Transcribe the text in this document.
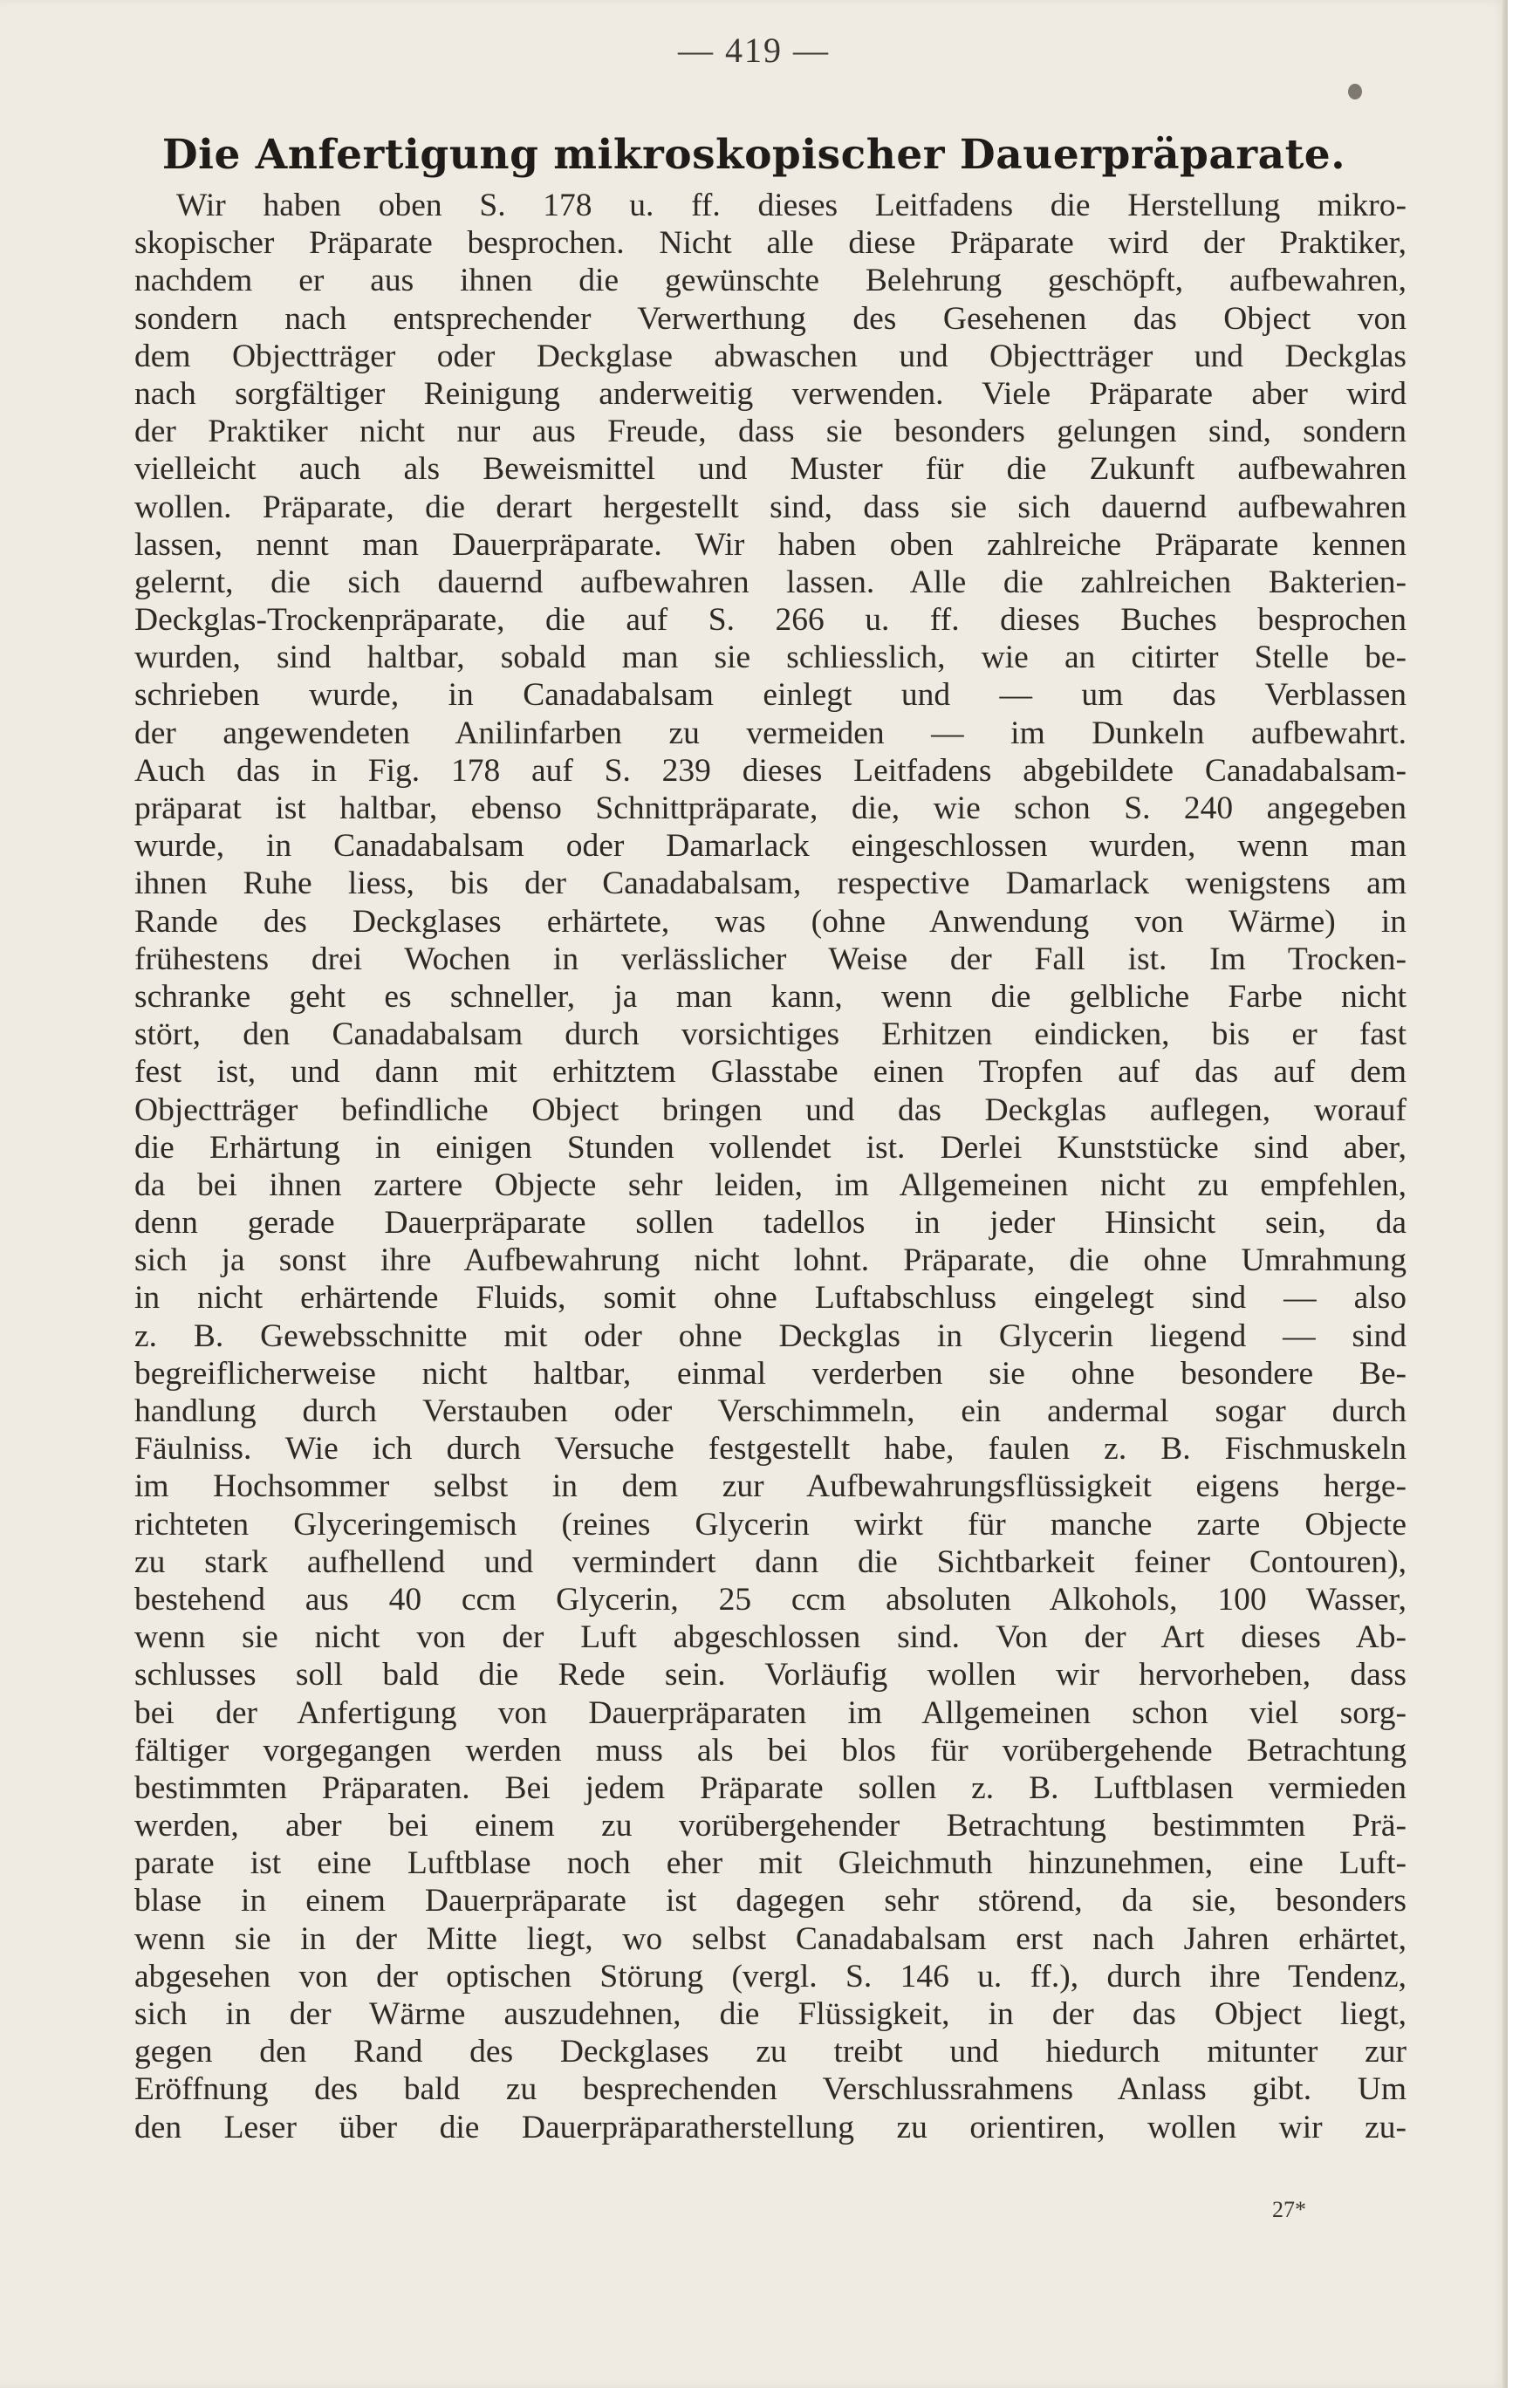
— 419 —
Die Anfertigung mikroskopischer Dauerpräparate.
Wir haben oben S. 178 u. ff. dieses Leitfadens die Herstellung mikro-
skopischer Präparate besprochen. Nicht alle diese Präparate wird der Praktiker,
nachdem er aus ihnen die gewünschte Belehrung geschöpft, aufbewahren,
sondern nach entsprechender Verwerthung des Gesehenen das Object von
dem Objectträger oder Deckglase abwaschen und Objectträger und Deckglas
nach sorgfältiger Reinigung anderweitig verwenden. Viele Präparate aber wird
der Praktiker nicht nur aus Freude, dass sie besonders gelungen sind, sondern
vielleicht auch als Beweismittel und Muster für die Zukunft aufbewahren
wollen. Präparate, die derart hergestellt sind, dass sie sich dauernd aufbewahren
lassen, nennt man Dauerpräparate. Wir haben oben zahlreiche Präparate kennen
gelernt, die sich dauernd aufbewahren lassen. Alle die zahlreichen Bakterien-
Deckglas-Trockenpräparate, die auf S. 266 u. ff. dieses Buches besprochen
wurden, sind haltbar, sobald man sie schliesslich, wie an citirter Stelle be-
schrieben wurde, in Canadabalsam einlegt und — um das Verblassen
der angewendeten Anilinfarben zu vermeiden — im Dunkeln aufbewahrt.
Auch das in Fig. 178 auf S. 239 dieses Leitfadens abgebildete Canadabalsam-
präparat ist haltbar, ebenso Schnittpräparate, die, wie schon S. 240 angegeben
wurde, in Canadabalsam oder Damarlack eingeschlossen wurden, wenn man
ihnen Ruhe liess, bis der Canadabalsam, respective Damarlack wenigstens am
Rande des Deckglases erhärtete, was (ohne Anwendung von Wärme) in
frühestens drei Wochen in verlässlicher Weise der Fall ist. Im Trocken-
schranke geht es schneller, ja man kann, wenn die gelbliche Farbe nicht
stört, den Canadabalsam durch vorsichtiges Erhitzen eindicken, bis er fast
fest ist, und dann mit erhitztem Glasstabe einen Tropfen auf das auf dem
Objectträger befindliche Object bringen und das Deckglas auflegen, worauf
die Erhärtung in einigen Stunden vollendet ist. Derlei Kunststücke sind aber,
da bei ihnen zartere Objecte sehr leiden, im Allgemeinen nicht zu empfehlen,
denn gerade Dauerpräparate sollen tadellos in jeder Hinsicht sein, da
sich ja sonst ihre Aufbewahrung nicht lohnt. Präparate, die ohne Umrahmung
in nicht erhärtende Fluids, somit ohne Luftabschluss eingelegt sind — also
z. B. Gewebsschnitte mit oder ohne Deckglas in Glycerin liegend — sind
begreiflicherweise nicht haltbar, einmal verderben sie ohne besondere Be-
handlung durch Verstauben oder Verschimmeln, ein andermal sogar durch
Fäulniss. Wie ich durch Versuche festgestellt habe, faulen z. B. Fischmuskeln
im Hochsommer selbst in dem zur Aufbewahrungsflüssigkeit eigens herge-
richteten Glyceringemisch (reines Glycerin wirkt für manche zarte Objecte
zu stark aufhellend und vermindert dann die Sichtbarkeit feiner Contouren),
bestehend aus 40 ccm Glycerin, 25 ccm absoluten Alkohols, 100 Wasser,
wenn sie nicht von der Luft abgeschlossen sind. Von der Art dieses Ab-
schlusses soll bald die Rede sein. Vorläufig wollen wir hervorheben, dass
bei der Anfertigung von Dauerpräparaten im Allgemeinen schon viel sorg-
fältiger vorgegangen werden muss als bei blos für vorübergehende Betrachtung
bestimmten Präparaten. Bei jedem Präparate sollen z. B. Luftblasen vermieden
werden, aber bei einem zu vorübergehender Betrachtung bestimmten Prä-
parate ist eine Luftblase noch eher mit Gleichmuth hinzunehmen, eine Luft-
blase in einem Dauerpräparate ist dagegen sehr störend, da sie, besonders
wenn sie in der Mitte liegt, wo selbst Canadabalsam erst nach Jahren erhärtet,
abgesehen von der optischen Störung (vergl. S. 146 u. ff.), durch ihre Tendenz,
sich in der Wärme auszudehnen, die Flüssigkeit, in der das Object liegt,
gegen den Rand des Deckglases zu treibt und hiedurch mitunter zur
Eröffnung des bald zu besprechenden Verschlussrahmens Anlass gibt. Um
den Leser über die Dauerpräparatherstellung zu orientiren, wollen wir zu-
27*
